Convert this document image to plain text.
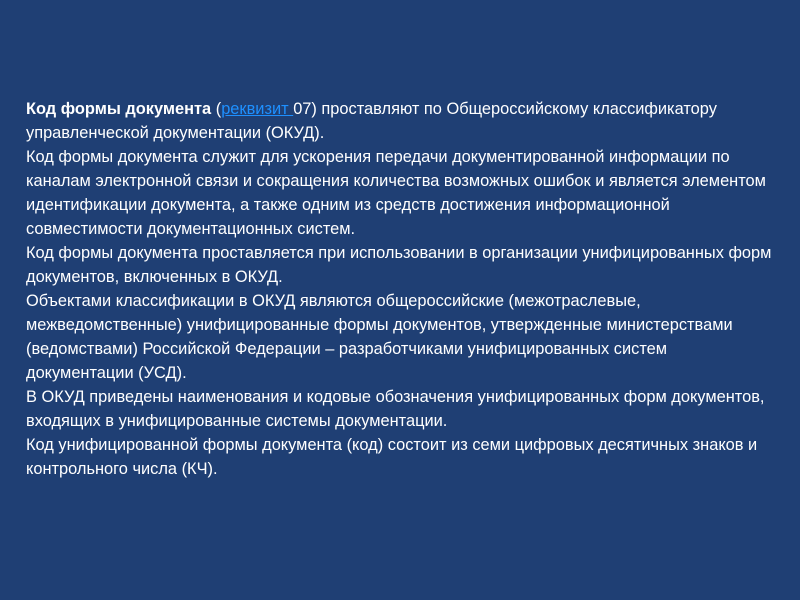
Код формы документа (реквизит 07) проставляют по Общероссийскому классификатору управленческой документации (ОКУД).

Код формы документа служит для ускорения передачи документированной информации по каналам электронной связи и сокращения количества возможных ошибок и является элементом идентификации документа, а также одним из средств достижения информационной совместимости документационных систем.

Код формы документа проставляется при использовании в организации унифицированных форм документов, включенных в ОКУД.

Объектами классификации в ОКУД являются общероссийские (межотраслевые, межведомственные) унифицированные формы документов, утвержденные министерствами (ведомствами) Российской Федерации – разработчиками унифицированных систем документации (УСД).

В ОКУД приведены наименования и кодовые обозначения унифицированных форм документов, входящих в унифицированные системы документации.

Код унифицированной формы документа (код) состоит из семи цифровых десятичных знаков и контрольного числа (КЧ).
